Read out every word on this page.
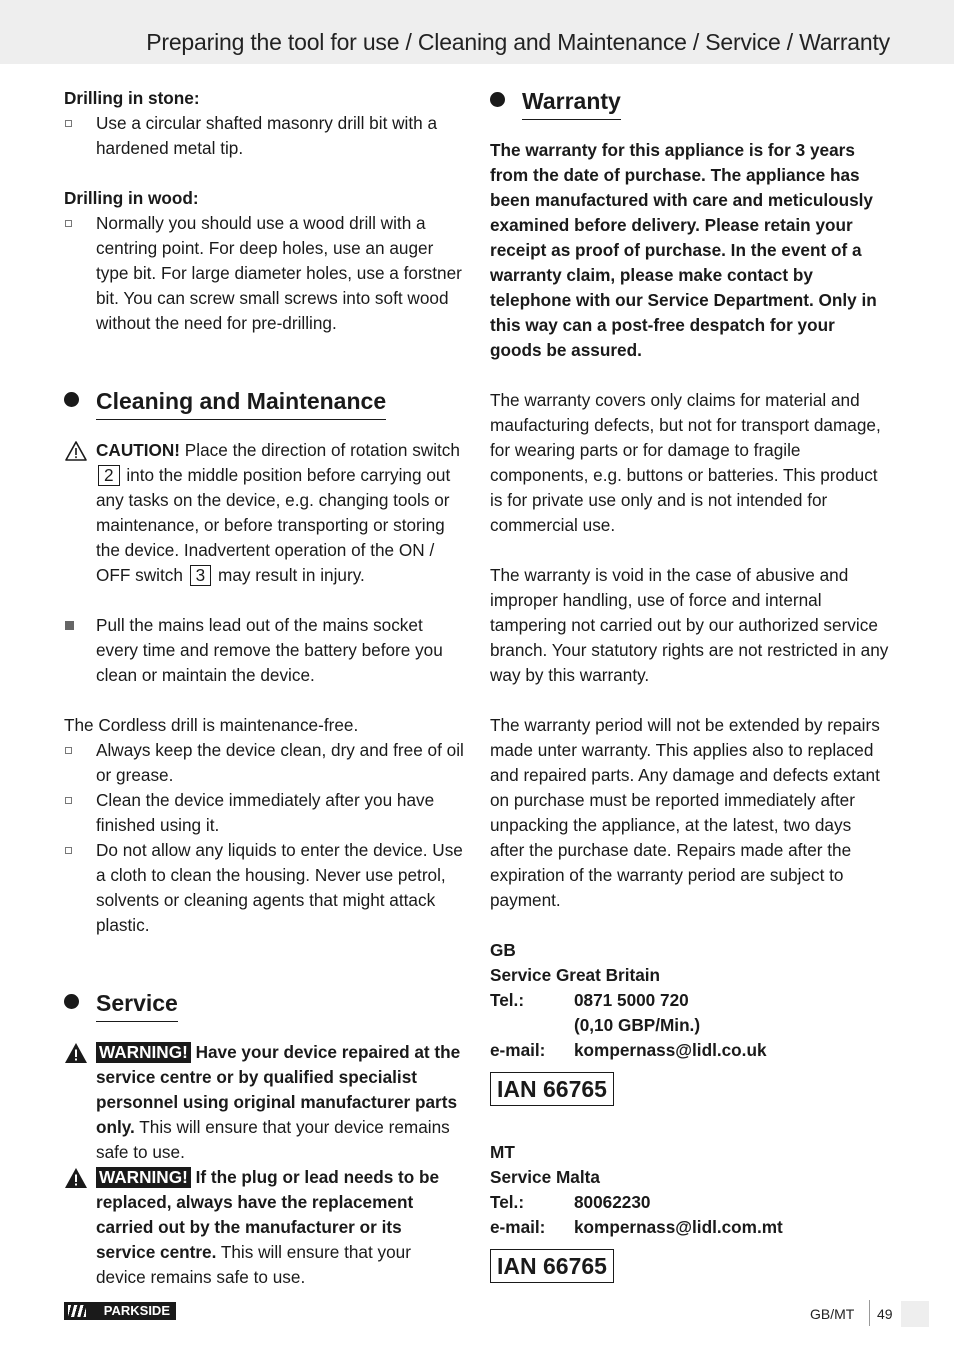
Preparing the tool for use / Cleaning and Maintenance / Service / Warranty

Drilling in stone:

Use a circular shafted masonry drill bit with a hardened metal tip.

Drilling in wood:

Normally you should use a wood drill with a centring point. For deep holes, use an auger type bit. For large diameter holes, use a forstner bit. You can screw small screws into soft wood without the need for pre-drilling.
Cleaning and Maintenance
CAUTION! Place the direction of rotation switch 2 into the middle position before carrying out any tasks on the device, e.g. changing tools or maintenance, or before transporting or storing the device. Inadvertent operation of the ON / OFF switch 3 may result in injury.
Pull the mains lead out of the mains socket every time and remove the battery before you clean or maintain the device.

The Cordless drill is maintenance-free.

Always keep the device clean, dry and free of oil or grease.
Clean the device immediately after you have finished using it.
Do not allow any liquids to enter the device. Use a cloth to clean the housing. Never use petrol, solvents or cleaning agents that might attack plastic.
Service
WARNING! Have your device repaired at the service centre or by qualified specialist personnel using original manufacturer parts only. This will ensure that your device remains safe to use.
WARNING! If the plug or lead needs to be replaced, always have the replacement carried out by the manufacturer or its service centre. This will ensure that your device remains safe to use.
Warranty

The warranty for this appliance is for 3 years from the date of purchase. The appliance has been manufactured with care and meticulously examined before delivery. Please retain your receipt as proof of purchase. In the event of a warranty claim, please make contact by telephone with our Service Department. Only in this way can a post-free despatch for your goods be assured.

The warranty covers only claims for material and maufacturing defects, but not for transport damage, for wearing parts or for damage to fragile components, e.g. buttons or batteries. This product is for private use only and is not intended for commercial use.

The warranty is void in the case of abusive and improper handling, use of force and internal tampering not carried out by our authorized service branch. Your statutory rights are not restricted in any way by this warranty.

The warranty period will not be extended by repairs made unter warranty. This applies also to replaced and repaired parts. Any damage and defects extant on purchase must be reported immediately after unpacking the appliance, at the latest, two days after the purchase date. Repairs made after the expiration of the warranty period are subject to payment.

GB

Service Great Britain

Tel.:	0871 5000 720
(0,10 GBP/Min.)
e-mail: kompernass@lidl.co.uk
IAN 66765

MT

Service Malta

Tel.:	80062230
e-mail: kompernass@lidl.com.mt
IAN 66765
PARKSIDE	GB/MT 49
